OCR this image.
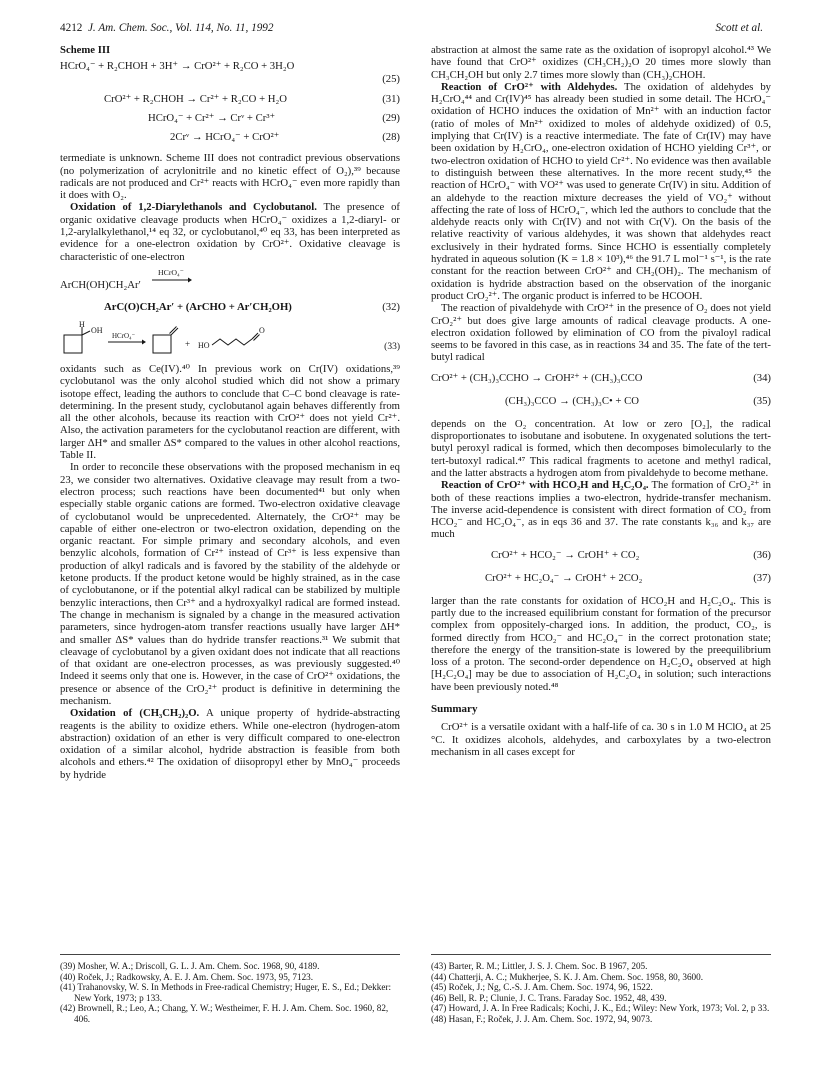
4212 J. Am. Chem. Soc., Vol. 114, No. 11, 1992	Scott et al.
Scheme III
HCrO₄⁻ + R₂CHOH + 3H⁺ → CrO²⁺ + R₂CO + 3H₂O
(25)
CrO²⁺ + R₂CHOH → Cr²⁺ + R₂CO + H₂O	(31)
HCrO₄⁻ + Cr²⁺ → Crᵛ + Cr³⁺	(29)
2Crᵛ → HCrO₄⁻ + CrO²⁺	(28)

termediate is unknown. Scheme III does not contradict previous observations (no polymerization of acrylonitrile and no kinetic effect of O₂),³⁹ because radicals are not produced and Cr²⁺ reacts with HCrO₄⁻ even more rapidly than it does with O₂.

Oxidation of 1,2-Diarylethanols and Cyclobutanol. The presence of organic oxidative cleavage products when HCrO₄⁻ oxidizes a 1,2-diaryl- or 1,2-arylalkylethanol,¹⁴ eq 32, or cyclobutanol,⁴⁰ eq 33, has been interpreted as evidence for a one-electron oxidation by CrO²⁺. Oxidative cleavage is characteristic of one-electron

ArCH(OH)CH₂Ar′
HCrO₄⁻
ArC(O)CH₂Ar′ + (ArCHO + Ar′CH₂OH)	(32)
H
OH
HCrO₄⁻
+ HO
O
(33)

oxidants such as Ce(IV).⁴⁰ In previous work on Cr(IV) oxidations,³⁹ cyclobutanol was the only alcohol studied which did not show a primary isotope effect, leading the authors to conclude that C–C bond cleavage is rate-determining. In the present study, cyclobutanol again behaves differently from all the other alcohols, because its reaction with CrO²⁺ does not yield Cr²⁺. Also, the activation parameters for the cyclobutanol reaction are different, with larger ΔH* and smaller ΔS* compared to the values in other alcohol reactions, Table II.

In order to reconcile these observations with the proposed mechanism in eq 23, we consider two alternatives. Oxidative cleavage may result from a two-electron process; such reactions have been documented⁴¹ but only when especially stable organic cations are formed. Two-electron oxidative cleavage of cyclobutanol would be unprecedented. Alternately, the CrO²⁺ may be capable of either one-electron or two-electron oxidation, depending on the organic reactant. For simple primary and secondary alcohols, and even benzylic alcohols, formation of Cr²⁺ instead of Cr³⁺ is less expensive than production of alkyl radicals and is favored by the stability of the aldehyde or ketone products. If the product ketone would be highly strained, as in the case of cyclobutanone, or if the potential alkyl radical can be stabilized by multiple benzylic interactions, then Cr³⁺ and a hydroxyalkyl radical are formed instead. The change in mechanism is signaled by a change in the measured activation parameters, since hydrogen-atom transfer reactions usually have larger ΔH* and smaller ΔS* values than do hydride transfer reactions.³¹ We submit that cleavage of cyclobutanol by a given oxidant does not indicate that all reactions of that oxidant are one-electron processes, as was previously suggested.⁴⁰ Indeed it seems only that one is. However, in the case of CrO²⁺ oxidations, the presence or absence of the CrO₂²⁺ product is definitive in determining the mechanism.

Oxidation of (CH₃CH₂)₂O. A unique property of hydride-abstracting reagents is the ability to oxidize ethers. While one-electron (hydrogen-atom abstraction) oxidation of an ether is very difficult compared to one-electron oxidation of a similar alcohol, hydride abstraction is feasible from both alcohols and ethers.⁴² The oxidation of diisopropyl ether by MnO₄⁻ proceeds by hydride

abstraction at almost the same rate as the oxidation of isopropyl alcohol.⁴³ We have found that CrO²⁺ oxidizes (CH₃CH₂)₂O 20 times more slowly than CH₃CH₂OH but only 2.7 times more slowly than (CH₃)₂CHOH.

Reaction of CrO²⁺ with Aldehydes. The oxidation of aldehydes by H₂CrO₄⁴⁴ and Cr(IV)⁴⁵ has already been studied in some detail. The HCrO₄⁻ oxidation of HCHO induces the oxidation of Mn²⁺ with an induction factor (ratio of moles of Mn²⁺ oxidized to moles of aldehyde oxidized) of 0.5, implying that Cr(IV) is a reactive intermediate. The fate of Cr(IV) may have been oxidation by H₂CrO₄, one-electron oxidation of HCHO yielding Cr³⁺, or two-electron oxidation of HCHO to yield Cr²⁺. No evidence was then available to distinguish between these alternatives. In the more recent study,⁴⁵ the reaction of HCrO₄⁻ with VO²⁺ was used to generate Cr(IV) in situ. Addition of an aldehyde to the reaction mixture decreases the yield of VO₂⁺ without affecting the rate of loss of HCrO₄⁻, which led the authors to conclude that the aldehyde reacts only with Cr(IV) and not with Cr(V). On the basis of the relative reactivity of various aldehydes, it was shown that aldehydes react exclusively in their hydrated forms. Since HCHO is essentially completely hydrated in aqueous solution (K = 1.8 × 10³),⁴⁶ the 91.7 L mol⁻¹ s⁻¹, is the rate constant for the reaction between CrO²⁺ and CH₂(OH)₂. The mechanism of oxidation is hydride abstraction based on the observation of the inorganic product CrO₂²⁺. The organic product is inferred to be HCOOH.

The reaction of pivaldehyde with CrO²⁺ in the presence of O₂ does not yield CrO₂²⁺ but does give large amounts of radical cleavage products. A one-electron oxidation followed by elimination of CO from the pivaloyl radical seems to be favored in this case, as in reactions 34 and 35. The fate of the tert-butyl radical

CrO²⁺ + (CH₃)₃CCHO → CrOH²⁺ + (CH₃)₃CCO	(34)
(CH₃)₃CCO → (CH₃)₃C• + CO	(35)

depends on the O₂ concentration. At low or zero [O₂], the radical disproportionates to isobutane and isobutene. In oxygenated solutions the tert-butyl peroxyl radical is formed, which then decomposes bimolecularly to the tert-butoxyl radical.⁴⁷ This radical fragments to acetone and methyl radical, and the latter abstracts a hydrogen atom from pivaldehyde to become methane.

Reaction of CrO²⁺ with HCO₂H and H₂C₂O₄. The formation of CrO₂²⁺ in both of these reactions implies a two-electron, hydride-transfer mechanism. The inverse acid-dependence is consistent with direct formation of CO₂ from HCO₂⁻ and HC₂O₄⁻, as in eqs 36 and 37. The rate constants k₃₆ and k₃₇ are much

CrO²⁺ + HCO₂⁻ → CrOH⁺ + CO₂	(36)
CrO²⁺ + HC₂O₄⁻ → CrOH⁺ + 2CO₂	(37)

larger than the rate constants for oxidation of HCO₂H and H₂C₂O₄. This is partly due to the increased equilibrium constant for formation of the precursor complex from oppositely-charged ions. In addition, the product, CO₂, is formed directly from HCO₂⁻ and HC₂O₄⁻ in the correct protonation state; therefore the energy of the transition-state is lowered by the preequilibrium loss of a proton. The second-order dependence on H₂C₂O₄ observed at high [H₂C₂O₄] may be due to association of H₂C₂O₄ in solution; such interactions have been previously noted.⁴⁸

Summary

CrO²⁺ is a versatile oxidant with a half-life of ca. 30 s in 1.0 M HClO₄ at 25 °C. It oxidizes alcohols, aldehydes, and carboxylates by a two-electron mechanism in all cases except for

(39) Mosher, W. A.; Driscoll, G. L. J. Am. Chem. Soc. 1968, 90, 4189.

(40) Roček, J.; Radkowsky, A. E. J. Am. Chem. Soc. 1973, 95, 7123.

(41) Trahanovsky, W. S. In Methods in Free-radical Chemistry; Huger, E. S., Ed.; Dekker: New York, 1973; p 133.

(42) Brownell, R.; Leo, A.; Chang, Y. W.; Westheimer, F. H. J. Am. Chem. Soc. 1960, 82, 406.

(43) Barter, R. M.; Littler, J. S. J. Chem. Soc. B 1967, 205.

(44) Chatterji, A. C.; Mukherjee, S. K. J. Am. Chem. Soc. 1958, 80, 3600.

(45) Roček, J.; Ng, C.-S. J. Am. Chem. Soc. 1974, 96, 1522.

(46) Bell, R. P.; Clunie, J. C. Trans. Faraday Soc. 1952, 48, 439.

(47) Howard, J. A. In Free Radicals; Kochi, J. K., Ed.; Wiley: New York, 1973; Vol. 2, p 33.

(48) Hasan, F.; Roček, J. J. Am. Chem. Soc. 1972, 94, 9073.
